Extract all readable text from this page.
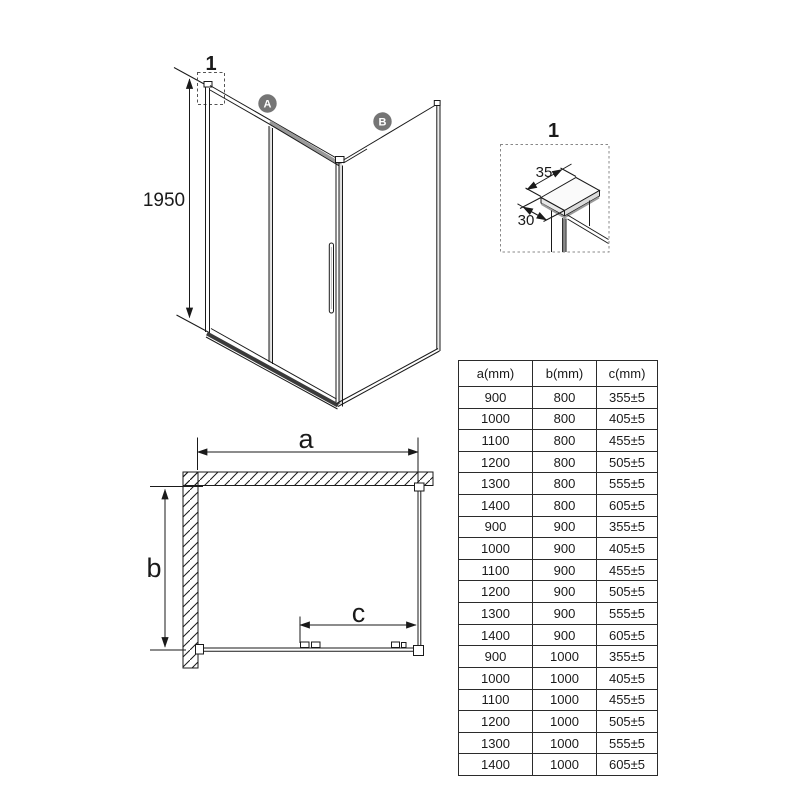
1950
1
A
B	1
35
30
a
b
c
a(mm)	b(mm)	c(mm)
900	800	355±5
1000	800	405±5
1100	800	455±5
1200	800	505±5
1300	800	555±5
1400	800	605±5
900	900	355±5
1000	900	405±5
1100	900	455±5
1200	900	505±5
1300	900	555±5
1400	900	605±5
900	1000	355±5
1000	1000	405±5
1100	1000	455±5
1200	1000	505±5
1300	1000	555±5
1400	1000	605±5
